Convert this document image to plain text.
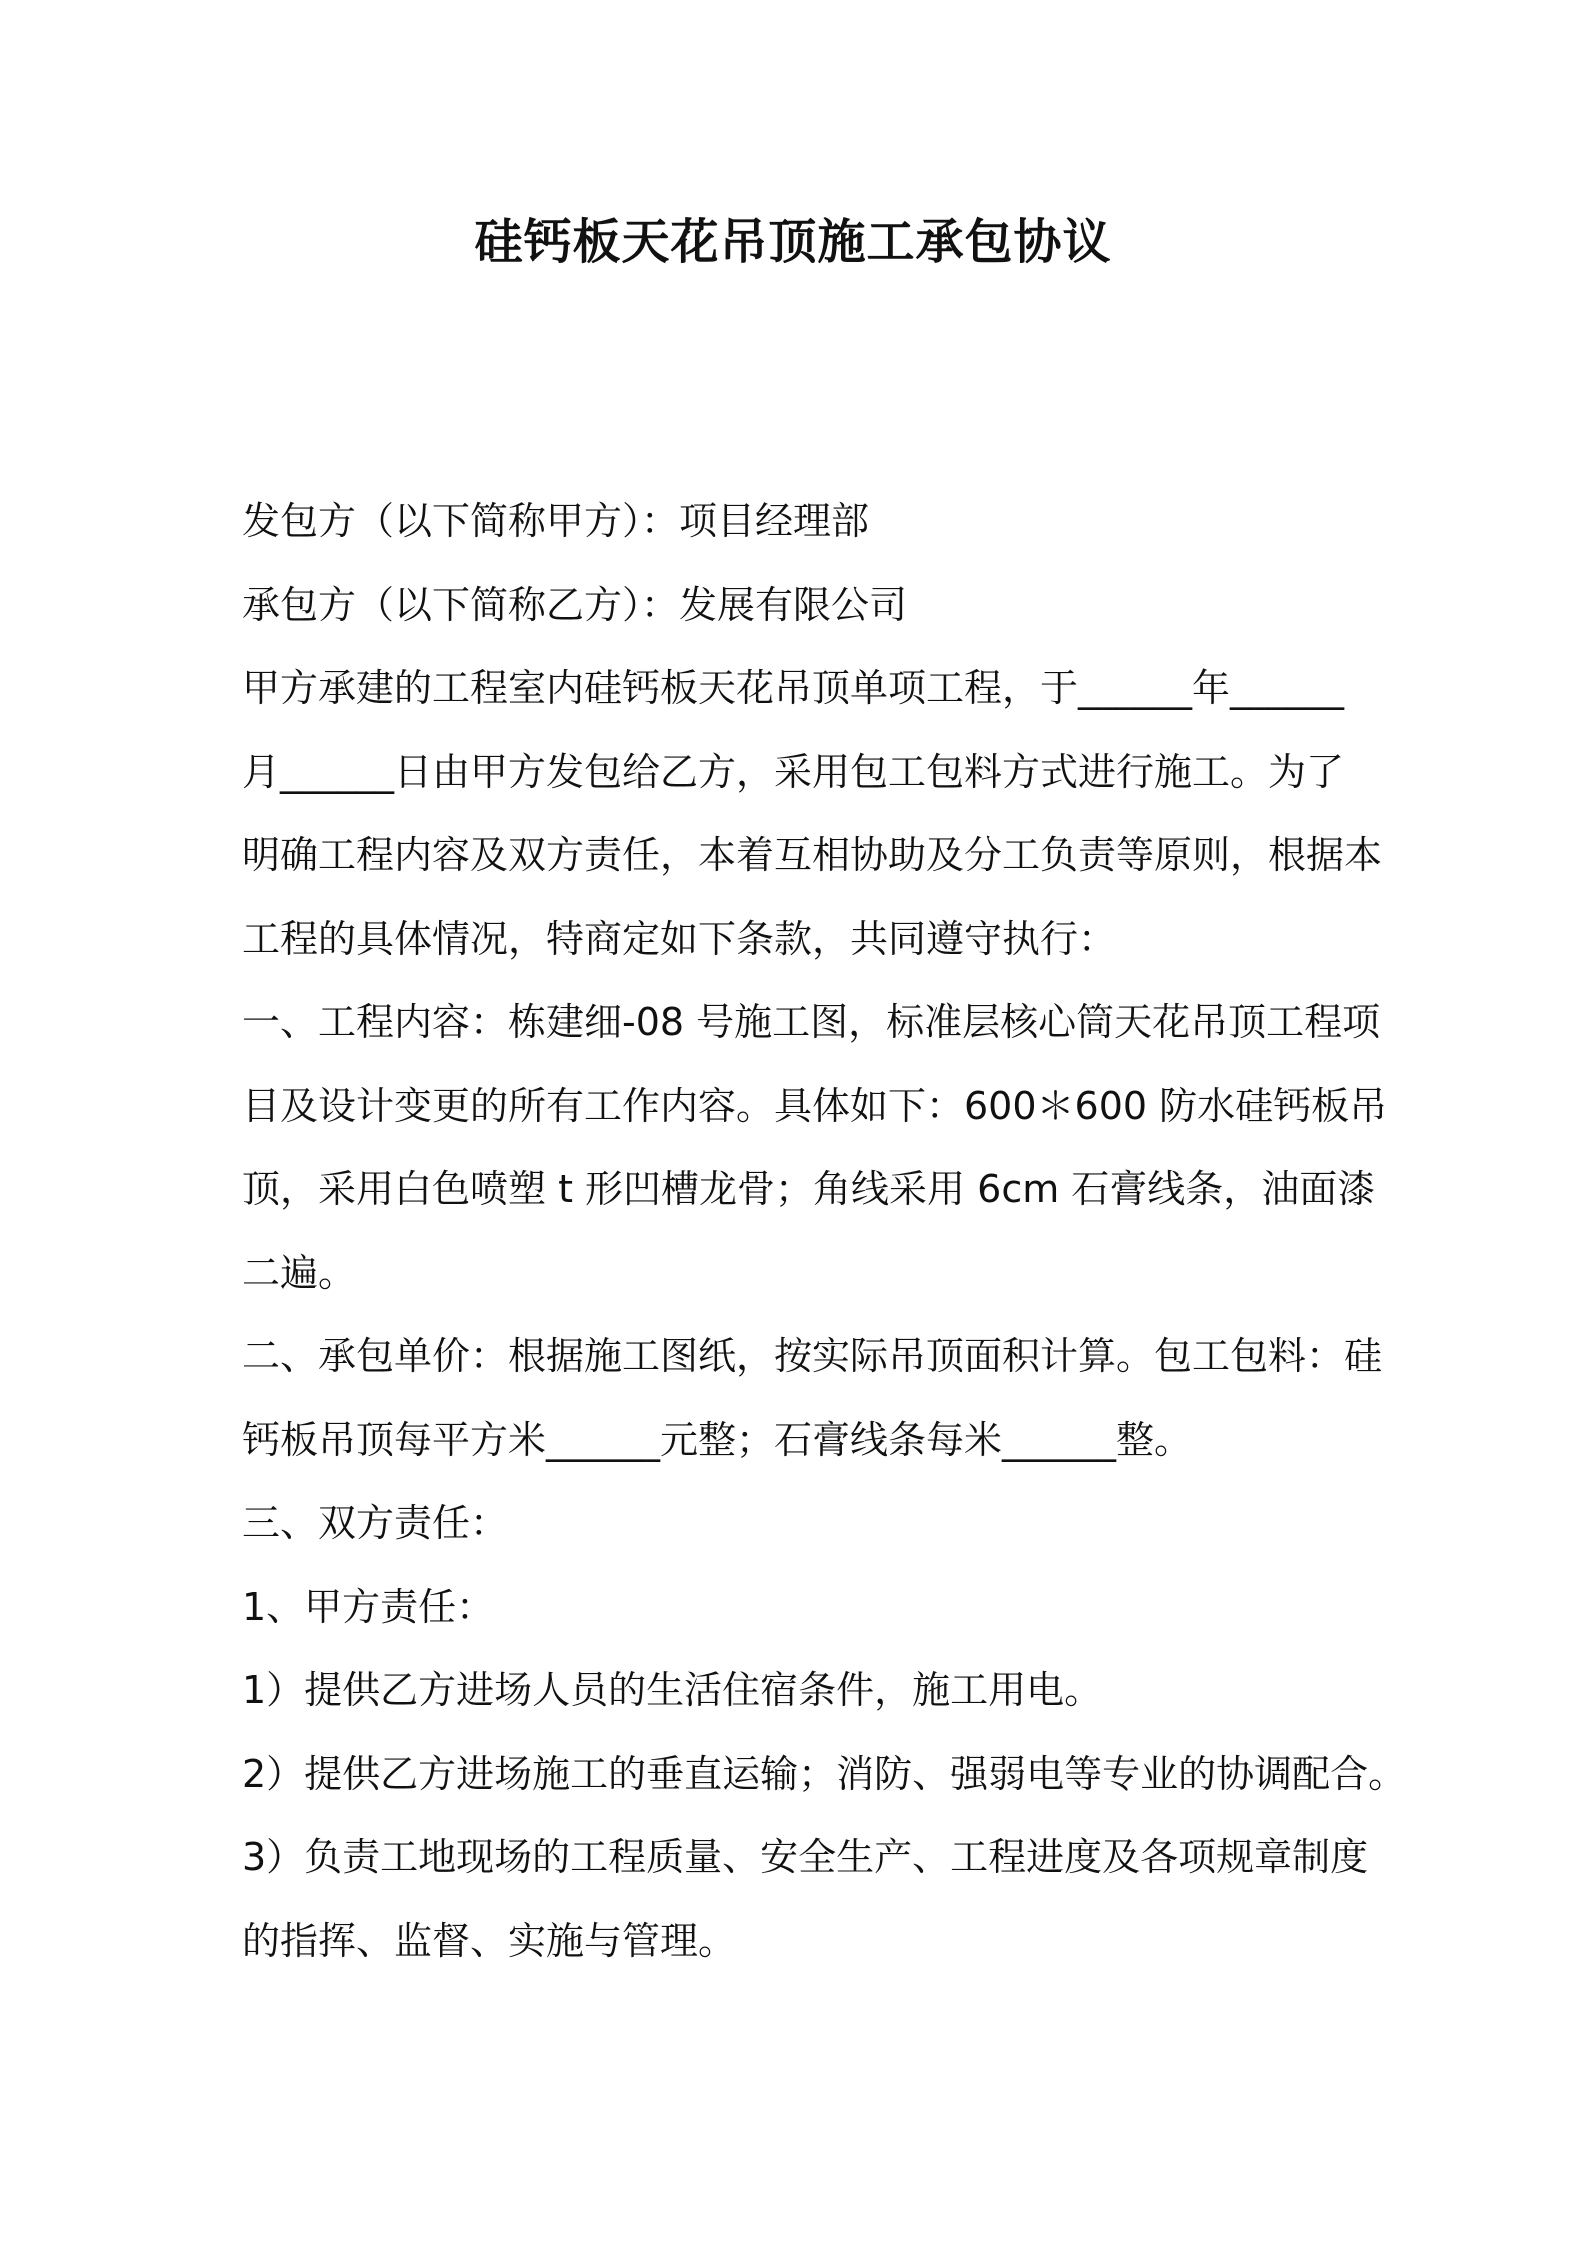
硅钙板天花吊顶施工承包协议

发包方（以下简称甲方）：项目经理部

承包方（以下简称乙方）：发展有限公司

甲方承建的工程室内硅钙板天花吊顶单项工程，于______年______

月______日由甲方发包给乙方，采用包工包料方式进行施工。为了

明确工程内容及双方责任，本着互相协助及分工负责等原则，根据本

工程的具体情况，特商定如下条款，共同遵守执行：

一、工程内容：栋建细-08 号施工图，标准层核心筒天花吊顶工程项

目及设计变更的所有工作内容。具体如下：600＊600 防水硅钙板吊

顶，采用白色喷塑 t 形凹槽龙骨；角线采用 6cm 石膏线条，油面漆

二遍。

二、承包单价：根据施工图纸，按实际吊顶面积计算。包工包料：硅

钙板吊顶每平方米______元整；石膏线条每米______整。

三、双方责任：

1、甲方责任：

1）提供乙方进场人员的生活住宿条件，施工用电。

2）提供乙方进场施工的垂直运输；消防、强弱电等专业的协调配合。

3）负责工地现场的工程质量、安全生产、工程进度及各项规章制度

的指挥、监督、实施与管理。
